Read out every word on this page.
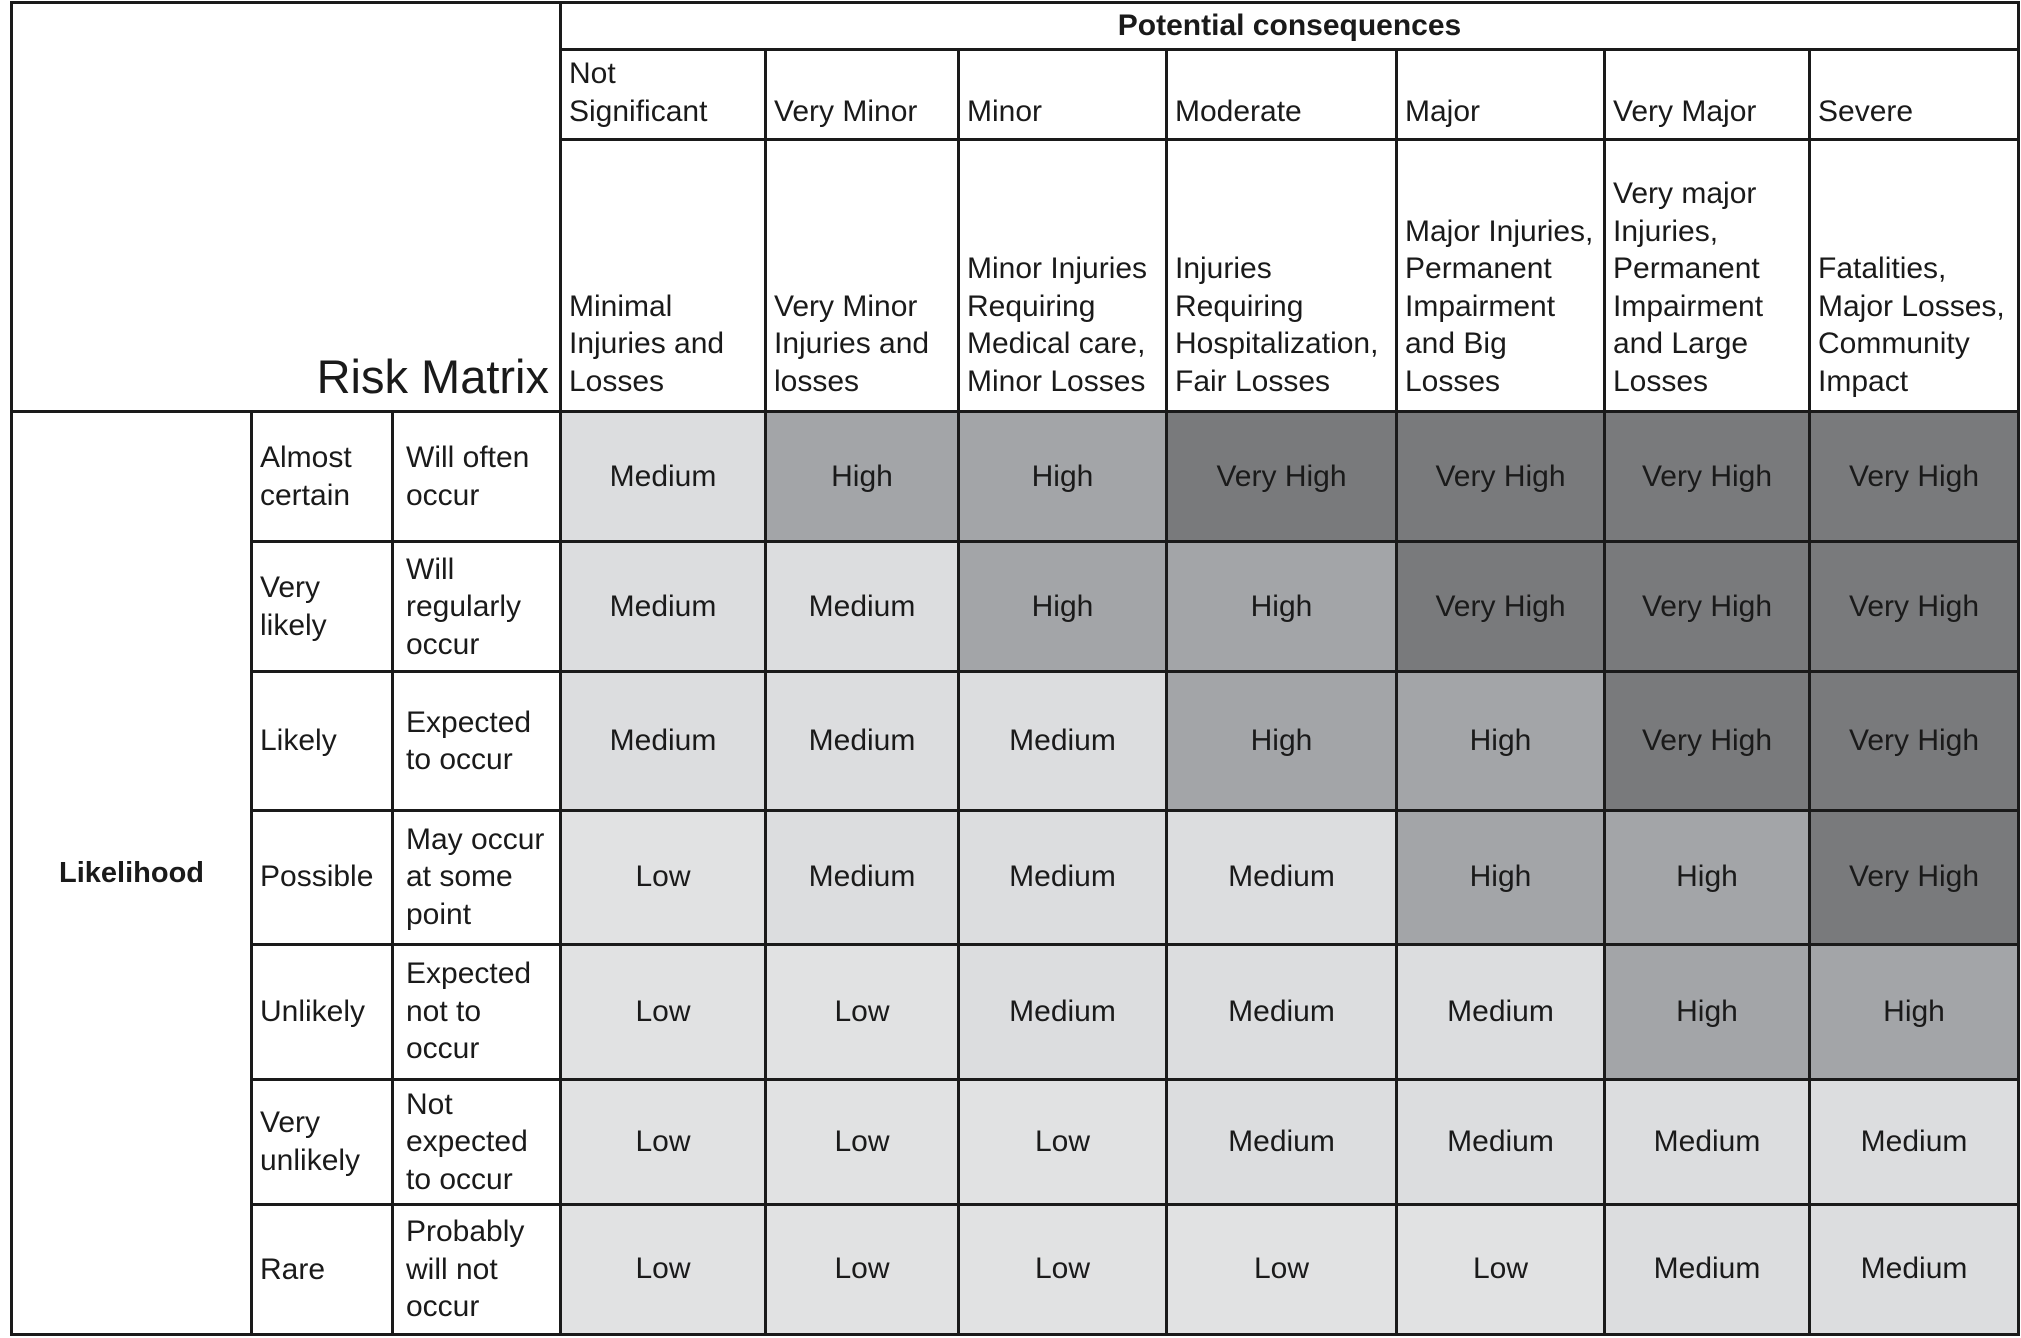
Risk Matrix			Potential consequences						
			Not Significant	Very Minor	Minor	Moderate	Major	Very Major	Severe
			Minimal Injuries and Losses	Very Minor Injuries and losses	Minor Injuries Requiring Medical care, Minor Losses	Injuries Requiring Hospitalization, Fair Losses	Major Injuries, Permanent Impairment and Big Losses	Very major Injuries, Permanent Impairment and Large Losses	Fatalities, Major Losses, Community Impact
Likelihood	Almost certain	Will often occur	Medium	High	High	Very High	Very High	Very High	Very High
	Very likely	Will regularly occur	Medium	Medium	High	High	Very High	Very High	Very High
	Likely	Expected to occur	Medium	Medium	Medium	High	High	Very High	Very High
	Possible	May occur at some point	Low	Medium	Medium	Medium	High	High	Very High
	Unlikely	Expected not to occur	Low	Low	Medium	Medium	Medium	High	High
	Very unlikely	Not expected to occur	Low	Low	Low	Medium	Medium	Medium	Medium
	Rare	Probably will not occur	Low	Low	Low	Low	Low	Medium	Medium
